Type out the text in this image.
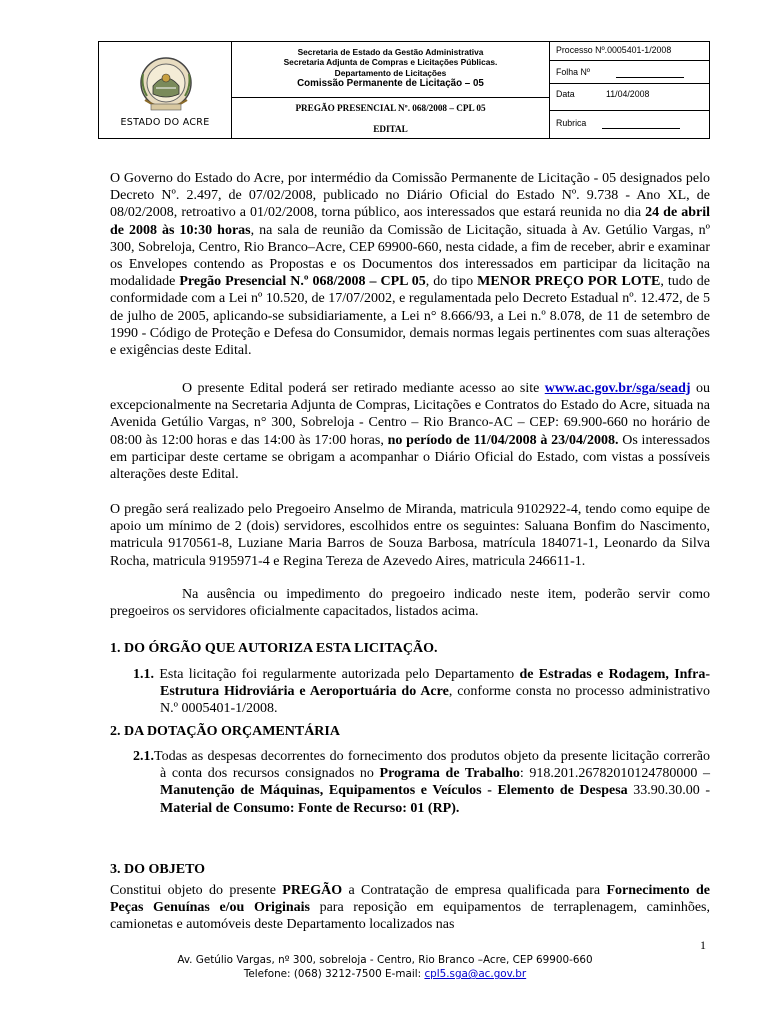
ESTADO DO ACRE
Secretaria de Estado da Gestão Administrativa
Secretaria Adjunta de Compras e Licitações Públicas.
Departamento de Licitações
Comissão Permanente de Licitação – 05
PREGÃO PRESENCIAL Nº. 068/2008 – CPL 05
EDITAL
Processo Nº.0005401-1/2008
Folha Nº

Data	11/04/2008
Rubrica

O Governo do Estado do Acre, por intermédio da Comissão Permanente de Licitação - 05 designados pelo Decreto Nº. 2.497, de 07/02/2008, publicado no Diário Oficial do Estado Nº. 9.738 - Ano XL, de 08/02/2008, retroativo a 01/02/2008, torna público, aos interessados que estará reunida no dia 24 de abril de 2008 às 10:30 horas, na sala de reunião da Comissão de Licitação, situada à Av. Getúlio Vargas, nº 300, Sobreloja, Centro, Rio Branco–Acre, CEP 69900-660, nesta cidade, a fim de receber, abrir e examinar os Envelopes contendo as Propostas e os Documentos dos interessados em participar da licitação na modalidade Pregão Presencial N.º 068/2008 – CPL 05, do tipo MENOR PREÇO POR LOTE, tudo de conformidade com a Lei nº 10.520, de 17/07/2002, e regulamentada pelo Decreto Estadual nº. 12.472, de 5 de julho de 2005, aplicando-se subsidiariamente, a Lei n° 8.666/93, a Lei n.º 8.078, de 11 de setembro de 1990 - Código de Proteção e Defesa do Consumidor, demais normas legais pertinentes com suas alterações e exigências deste Edital.
O presente Edital poderá ser retirado mediante acesso ao site www.ac.gov.br/sga/seadj ou excepcionalmente na Secretaria Adjunta de Compras, Licitações e Contratos do Estado do Acre, situada na Avenida Getúlio Vargas, n° 300, Sobreloja - Centro – Rio Branco-AC – CEP: 69.900-660 no horário de 08:00 às 12:00 horas e das 14:00 às 17:00 horas, no período de 11/04/2008 à 23/04/2008. Os interessados em participar deste certame se obrigam a acompanhar o Diário Oficial do Estado, com vistas a possíveis alterações deste Edital.
O pregão será realizado pelo Pregoeiro Anselmo de Miranda, matricula 9102922-4, tendo como equipe de apoio um mínimo de 2 (dois) servidores, escolhidos entre os seguintes: Saluana Bonfim do Nascimento, matricula 9170561-8, Luziane Maria Barros de Souza Barbosa, matrícula 184071-1, Leonardo da Silva Rocha, matricula 9195971-4 e Regina Tereza de Azevedo Aires, matricula 246611-1.
Na ausência ou impedimento do pregoeiro indicado neste item, poderão servir como pregoeiros os servidores oficialmente capacitados, listados acima.
1. DO ÓRGÃO QUE AUTORIZA ESTA LICITAÇÃO.
1.1. Esta licitação foi regularmente autorizada pelo Departamento de Estradas e Rodagem, Infra-Estrutura Hidroviária e Aeroportuária do Acre, conforme consta no processo administrativo N.º 0005401-1/2008.
2. DA DOTAÇÃO ORÇAMENTÁRIA
2.1.Todas as despesas decorrentes do fornecimento dos produtos objeto da presente licitação correrão à conta dos recursos consignados no Programa de Trabalho: 918.201.26782010124780000 – Manutenção de Máquinas, Equipamentos e Veículos - Elemento de Despesa 33.90.30.00 - Material de Consumo: Fonte de Recurso: 01 (RP).
3. DO OBJETO
Constitui objeto do presente PREGÃO a Contratação de empresa qualificada para Fornecimento de Peças Genuínas e/ou Originais para reposição em equipamentos de terraplenagem, caminhões, camionetas e automóveis deste Departamento localizados nas
1
Av. Getúlio Vargas, nº 300, sobreloja - Centro, Rio Branco –Acre, CEP 69900-660
Telefone: (068) 3212-7500 E-mail: cpl5.sga@ac.gov.br
